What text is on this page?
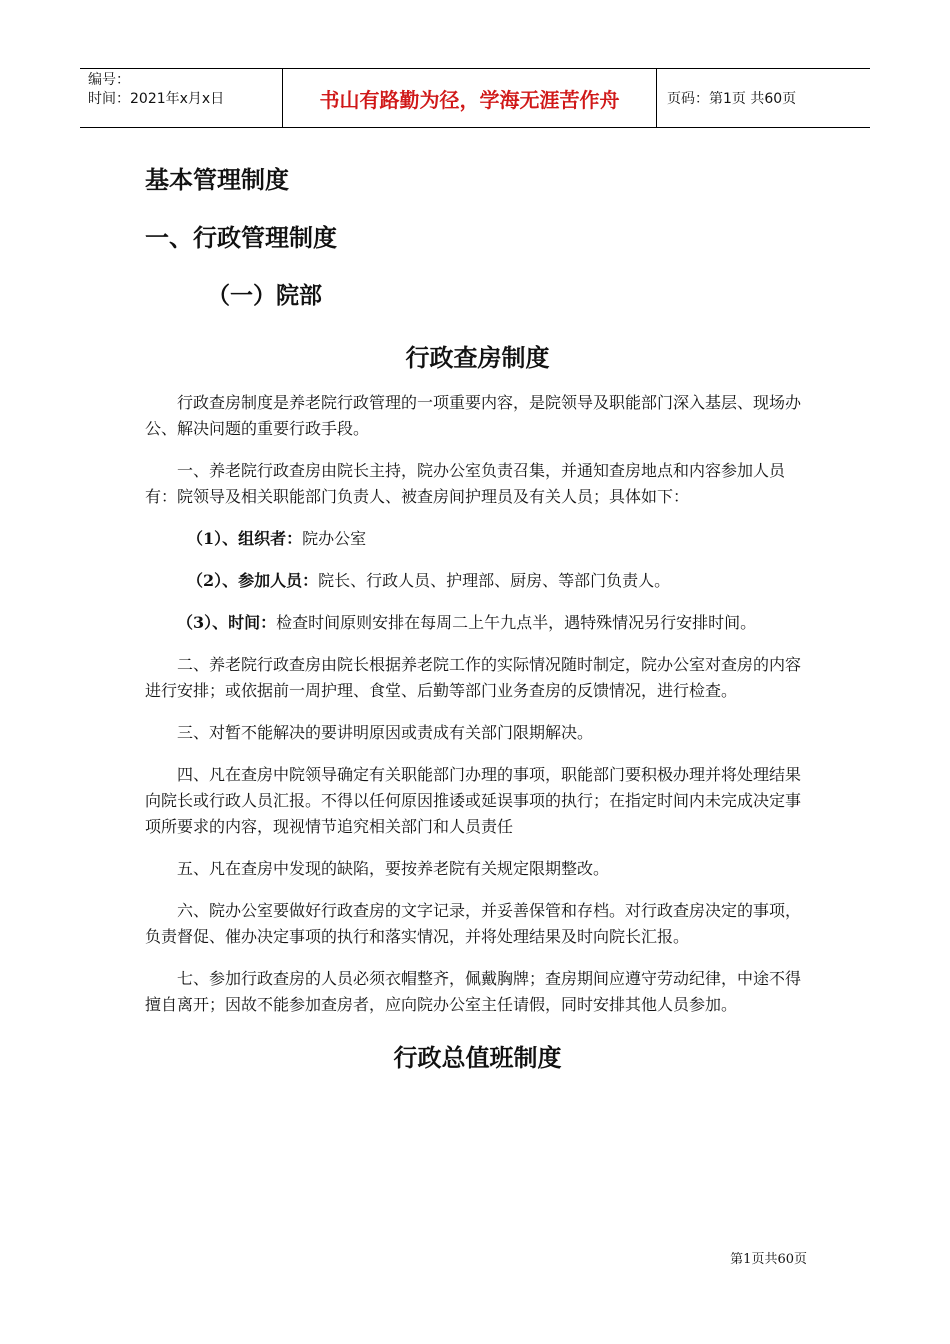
编号：
时间：2021年x月x日	书山有路勤为径，学海无涯苦作舟	页码：第1页 共60页
基本管理制度
一、行政管理制度
（一）院部
行政查房制度

行政查房制度是养老院行政管理的一项重要内容，是院领导及职能部门深入基层、现场办公、解决问题的重要行政手段。

一、养老院行政查房由院长主持，院办公室负责召集，并通知查房地点和内容参加人员有：院领导及相关职能部门负责人、被查房间护理员及有关人员；具体如下：

（1）、组织者：院办公室

（2）、参加人员：院长、行政人员、护理部、厨房、等部门负责人。

（3）、时间：检查时间原则安排在每周二上午九点半，遇特殊情况另行安排时间。

二、养老院行政查房由院长根据养老院工作的实际情况随时制定，院办公室对查房的内容进行安排；或依据前一周护理、食堂、后勤等部门业务查房的反馈情况，进行检查。

三、对暂不能解决的要讲明原因或责成有关部门限期解决。

四、凡在查房中院领导确定有关职能部门办理的事项，职能部门要积极办理并将处理结果向院长或行政人员汇报。不得以任何原因推诿或延误事项的执行；在指定时间内未完成决定事项所要求的内容，现视情节追究相关部门和人员责任

五、凡在查房中发现的缺陷，要按养老院有关规定限期整改。

六、院办公室要做好行政查房的文字记录，并妥善保管和存档。对行政查房决定的事项，负责督促、催办决定事项的执行和落实情况，并将处理结果及时向院长汇报。

七、参加行政查房的人员必须衣帽整齐，佩戴胸牌；查房期间应遵守劳动纪律，中途不得擅自离开；因故不能参加查房者，应向院办公室主任请假，同时安排其他人员参加。

行政总值班制度
第1页共60页
